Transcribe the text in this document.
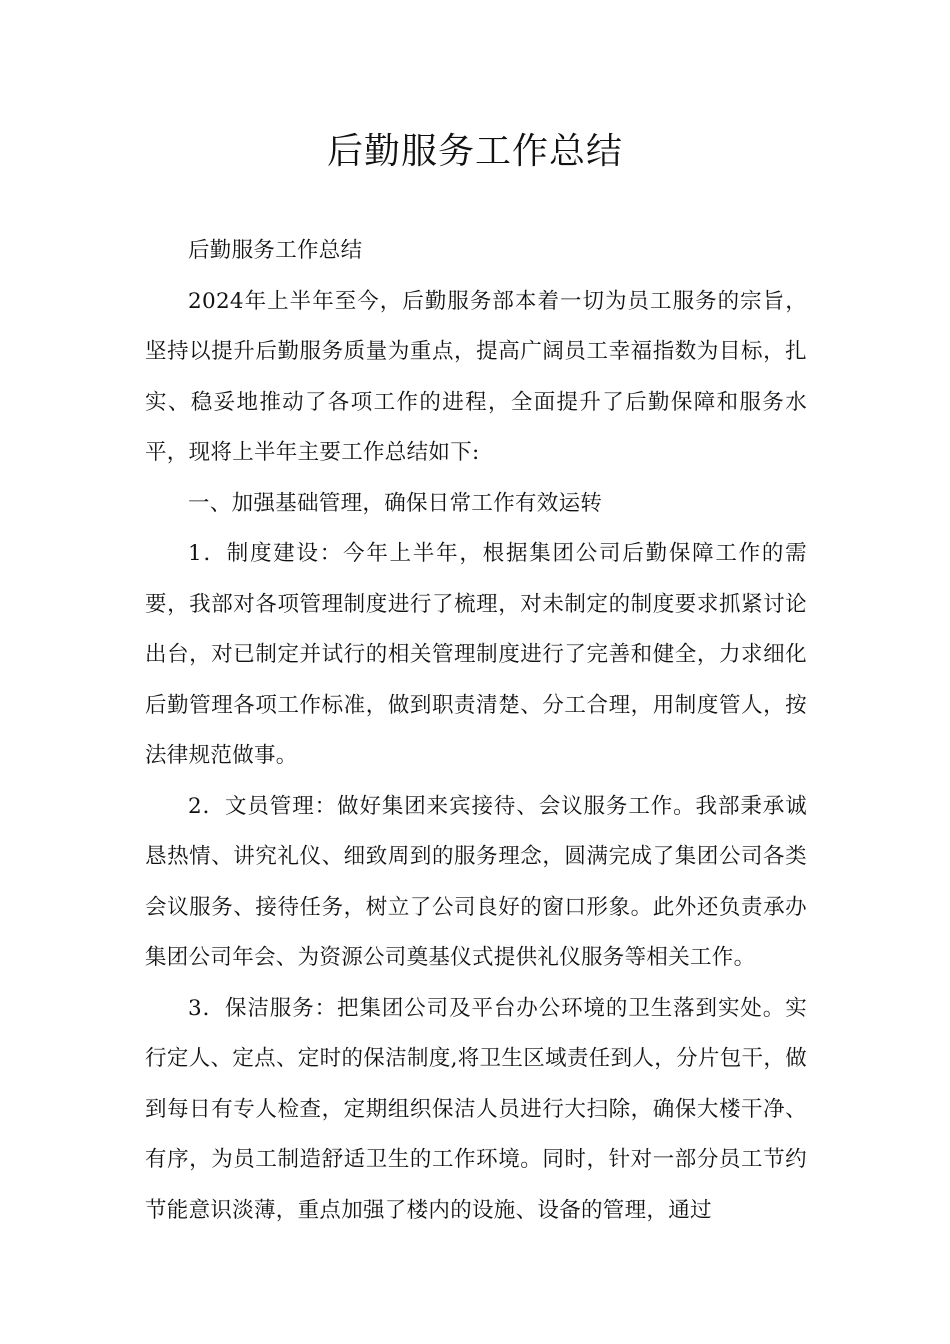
后勤服务工作总结

后勤服务工作总结

2024年上半年至今，后勤服务部本着一切为员工服务的宗旨，坚持以提升后勤服务质量为重点，提高广阔员工幸福指数为目标，扎实、稳妥地推动了各项工作的进程，全面提升了后勤保障和服务水平，现将上半年主要工作总结如下:

一、加强基础管理，确保日常工作有效运转

1．制度建设：今年上半年，根据集团公司后勤保障工作的需要，我部对各项管理制度进行了梳理，对未制定的制度要求抓紧讨论出台，对已制定并试行的相关管理制度进行了完善和健全，力求细化后勤管理各项工作标准，做到职责清楚、分工合理，用制度管人，按法律规范做事。

2．文员管理：做好集团来宾接待、会议服务工作。我部秉承诚恳热情、讲究礼仪、细致周到的服务理念，圆满完成了集团公司各类会议服务、接待任务，树立了公司良好的窗口形象。此外还负责承办集团公司年会、为资源公司奠基仪式提供礼仪服务等相关工作。

3．保洁服务：把集团公司及平台办公环境的卫生落到实处。实行定人、定点、定时的保洁制度,将卫生区域责任到人，分片包干，做到每日有专人检查，定期组织保洁人员进行大扫除，确保大楼干净、有序，为员工制造舒适卫生的工作环境。同时，针对一部分员工节约节能意识淡薄，重点加强了楼内的设施、设备的管理，通过
